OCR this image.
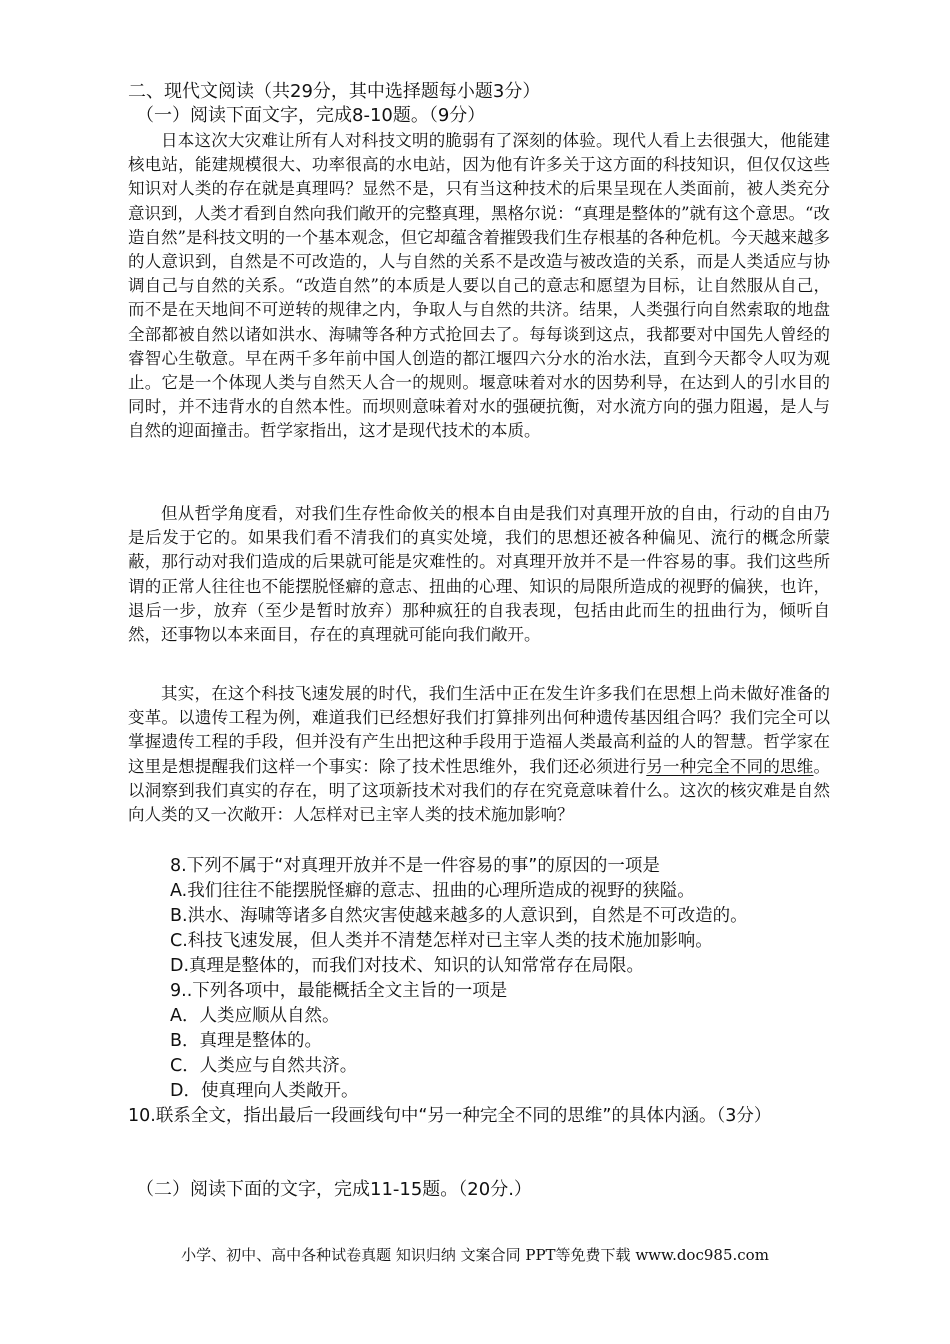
二、现代文阅读（共29分，其中选择题每小题3分）
（一）阅读下面文字，完成8-10题。（9分）

日本这次大灾难让所有人对科技文明的脆弱有了深刻的体验。现代人看上去很强大，他能建核电站，能建规模很大、功率很高的水电站，因为他有许多关于这方面的科技知识，但仅仅这些知识对人类的存在就是真理吗？显然不是，只有当这种技术的后果呈现在人类面前，被人类充分意识到，人类才看到自然向我们敞开的完整真理，黑格尔说：“真理是整体的”就有这个意思。“改造自然”是科技文明的一个基本观念，但它却蕴含着摧毁我们生存根基的各种危机。今天越来越多的人意识到，自然是不可改造的，人与自然的关系不是改造与被改造的关系，而是人类适应与协调自己与自然的关系。“改造自然”的本质是人要以自己的意志和愿望为目标，让自然服从自己，而不是在天地间不可逆转的规律之内，争取人与自然的共济。结果，人类强行向自然索取的地盘全部都被自然以诸如洪水、海啸等各种方式抢回去了。每每谈到这点，我都要对中国先人曾经的睿智心生敬意。早在两千多年前中国人创造的都江堰四六分水的治水法，直到今天都令人叹为观止。它是一个体现人类与自然天人合一的规则。堰意味着对水的因势利导，在达到人的引水目的同时，并不违背水的自然本性。而坝则意味着对水的强硬抗衡，对水流方向的强力阻遏，是人与自然的迎面撞击。哲学家指出，这才是现代技术的本质。

但从哲学角度看，对我们生存性命攸关的根本自由是我们对真理开放的自由，行动的自由乃是后发于它的。如果我们看不清我们的真实处境，我们的思想还被各种偏见、流行的概念所蒙蔽，那行动对我们造成的后果就可能是灾难性的。对真理开放并不是一件容易的事。我们这些所谓的正常人往往也不能摆脱怪癖的意志、扭曲的心理、知识的局限所造成的视野的偏狭，也许，退后一步，放弃（至少是暂时放弃）那种疯狂的自我表现，包括由此而生的扭曲行为，倾听自然，还事物以本来面目，存在的真理就可能向我们敞开。

其实，在这个科技飞速发展的时代，我们生活中正在发生许多我们在思想上尚未做好准备的变革。以遗传工程为例，难道我们已经想好我们打算排列出何种遗传基因组合吗？我们完全可以掌握遗传工程的手段，但并没有产生出把这种手段用于造福人类最高利益的人的智慧。哲学家在这里是想提醒我们这样一个事实：除了技术性思维外，我们还必须进行另一种完全不同的思维。以洞察到我们真实的存在，明了这项新技术对我们的存在究竟意味着什么。这次的核灾难是自然向人类的又一次敞开：人怎样对已主宰人类的技术施加影响？

8.下列不属于“对真理开放并不是一件容易的事”的原因的一项是
A.我们往往不能摆脱怪癖的意志、扭曲的心理所造成的视野的狭隘。
B.洪水、海啸等诸多自然灾害使越来越多的人意识到，自然是不可改造的。
C.科技飞速发展，但人类并不清楚怎样对已主宰人类的技术施加影响。
D.真理是整体的，而我们对技术、知识的认知常常存在局限。
9..下列各项中，最能概括全文主旨的一项是
A．人类应顺从自然。
B．真理是整体的。
C．人类应与自然共济。
D．使真理向人类敞开。
10.联系全文，指出最后一段画线句中“另一种完全不同的思维”的具体内涵。（3分）
（二）阅读下面的文字，完成11-15题。（20分.）
小学、初中、高中各种试卷真题 知识归纳 文案合同 PPT等免费下载 www.doc985.com
